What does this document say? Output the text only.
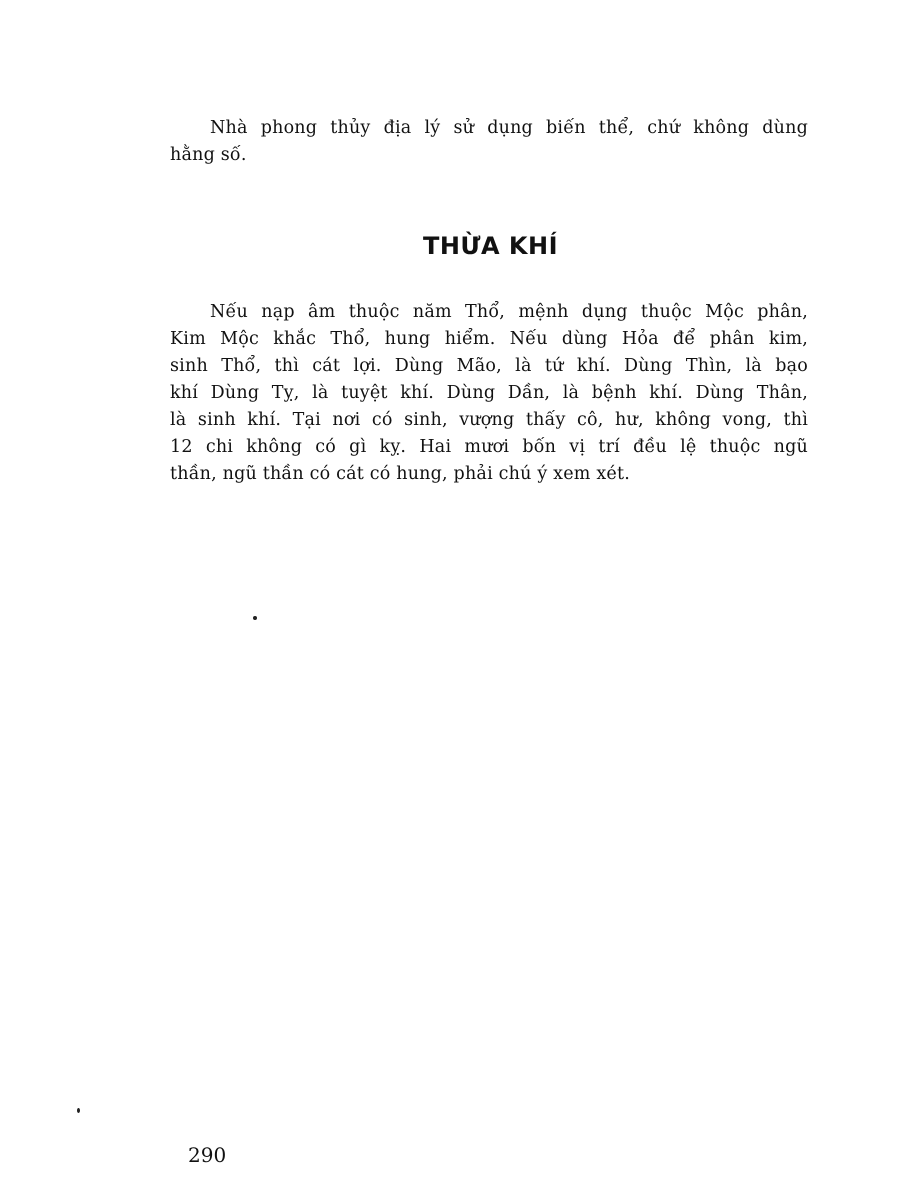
Nhà phong thủy địa lý sử dụng biến thể, chứ không dùng
hằng số.
THỪA KHÍ
Nếu nạp âm thuộc năm Thổ, mệnh dụng thuộc Mộc phân,
Kim Mộc khắc Thổ, hung hiểm. Nếu dùng Hỏa để phân kim,
sinh Thổ, thì cát lợi. Dùng Mão, là tứ khí. Dùng Thìn, là bạo
khí Dùng Tỵ, là tuyệt khí. Dùng Dần, là bệnh khí. Dùng Thân,
là sinh khí. Tại nơi có sinh, vượng thấy cô, hư, không vong, thì
12 chi không có gì kỵ. Hai mươi bốn vị trí đều lệ thuộc ngũ
thần, ngũ thần có cát có hung, phải chú ý xem xét.
290
